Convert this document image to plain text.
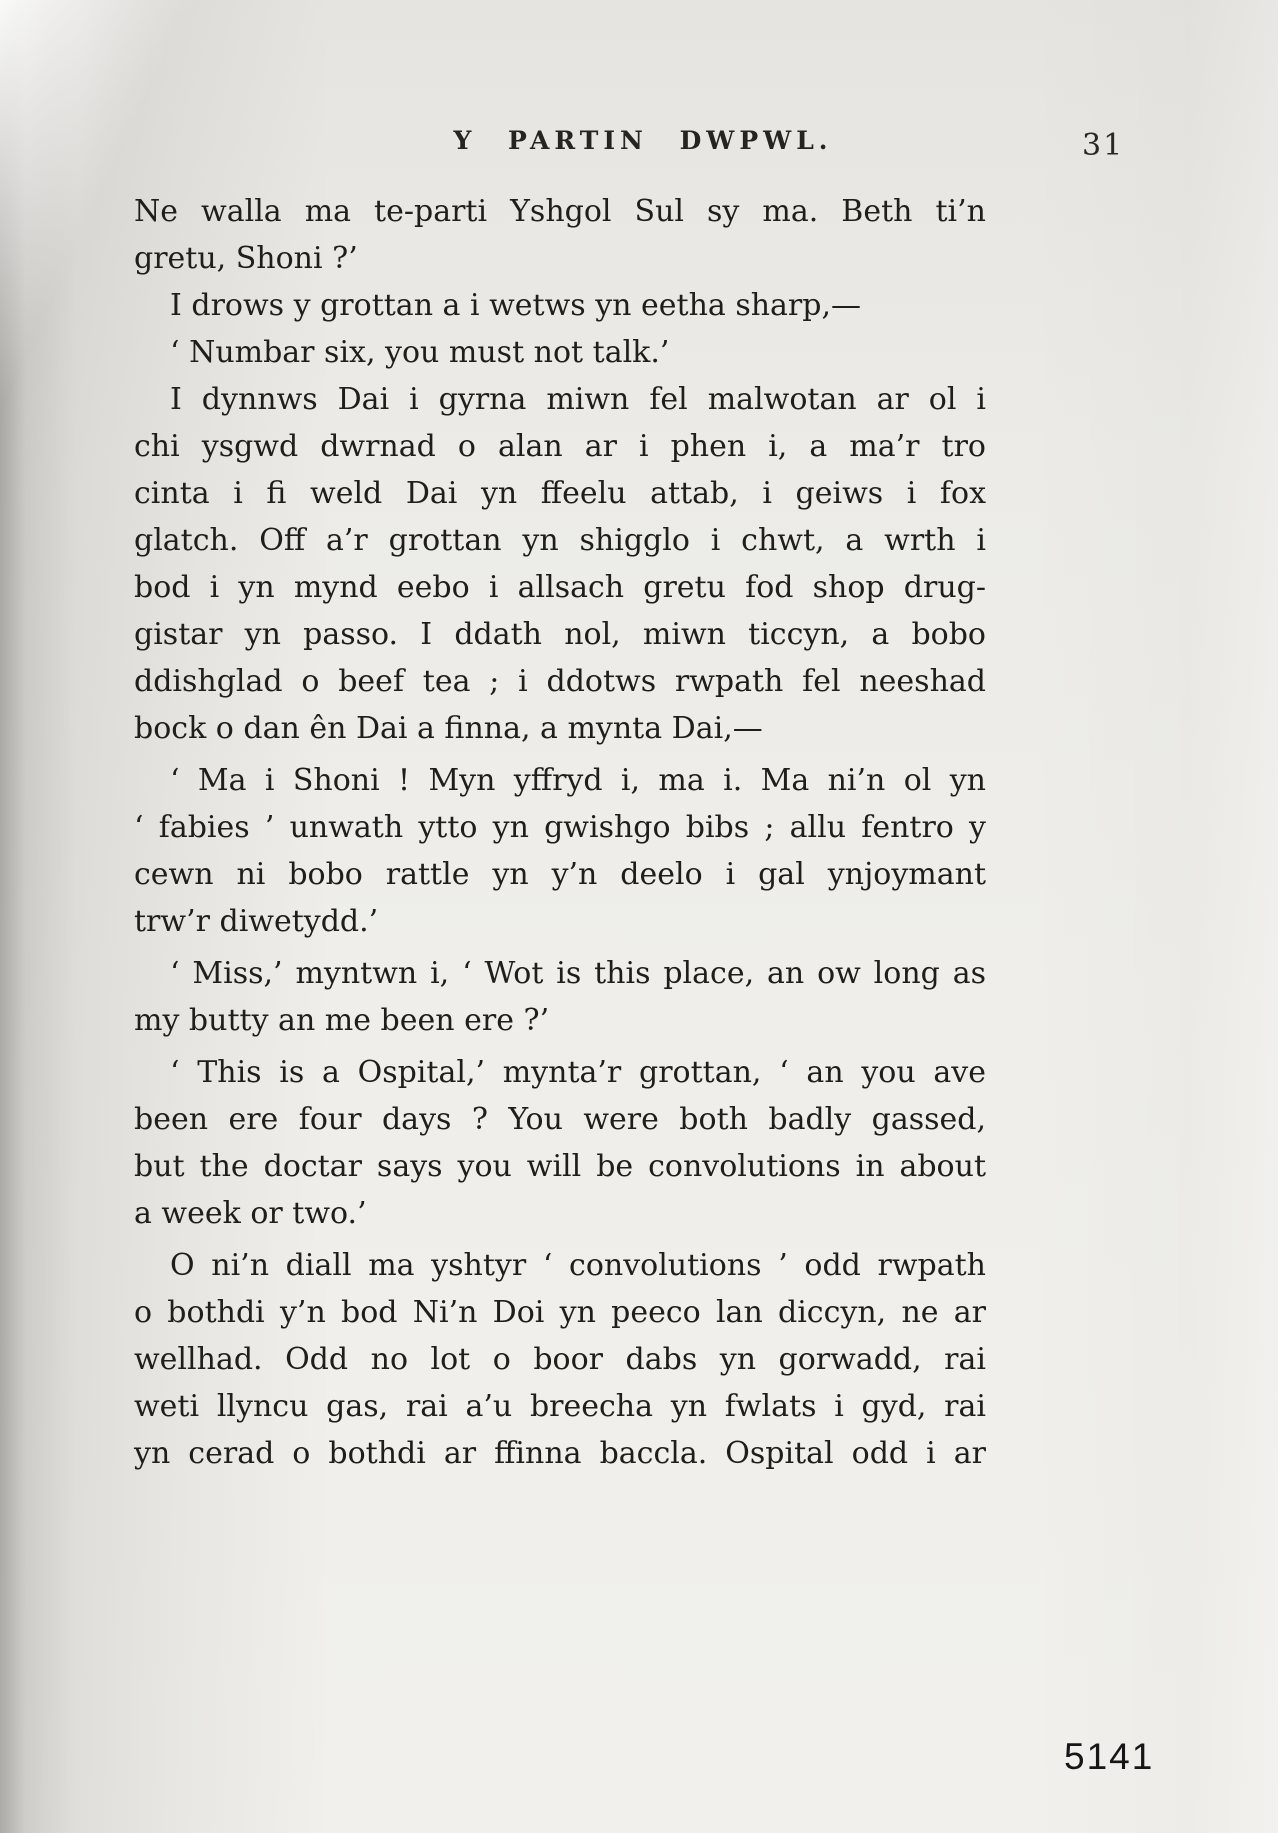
Y PARTIN DWPWL.	31
Ne walla ma te-parti Yshgol Sul sy ma. Beth ti’n
gretu, Shoni ?’
I drows y grottan a i wetws yn eetha sharp,—
‘ Numbar six, you must not talk.’
I dynnws Dai i gyrna miwn fel malwotan ar ol i
chi ysgwd dwrnad o alan ar i phen i, a ma’r tro
cinta i fi weld Dai yn ffeelu attab, i geiws i fox
glatch. Off a’r grottan yn shigglo i chwt, a wrth i
bod i yn mynd eebo i allsach gretu fod shop drug-
gistar yn passo. I ddath nol, miwn ticcyn, a bobo
ddishglad o beef tea ; i ddotws rwpath fel neeshad
bock o dan ên Dai a finna, a mynta Dai,—
‘ Ma i Shoni ! Myn yffryd i, ma i. Ma ni’n ol yn
‘ fabies ’ unwath ytto yn gwishgo bibs ; allu fentro y
cewn ni bobo rattle yn y’n deelo i gal ynjoymant
trw’r diwetydd.’
‘ Miss,’ myntwn i, ‘ Wot is this place, an ow long as
my butty an me been ere ?’
‘ This is a Ospital,’ mynta’r grottan, ‘ an you ave
been ere four days ? You were both badly gassed,
but the doctar says you will be convolutions in about
a week or two.’
O ni’n diall ma yshtyr ‘ convolutions ’ odd rwpath
o bothdi y’n bod Ni’n Doi yn peeco lan diccyn, ne ar
wellhad. Odd no lot o boor dabs yn gorwadd, rai
weti llyncu gas, rai a’u breecha yn fwlats i gyd, rai
yn cerad o bothdi ar ffinna baccla. Ospital odd i ar
5141
